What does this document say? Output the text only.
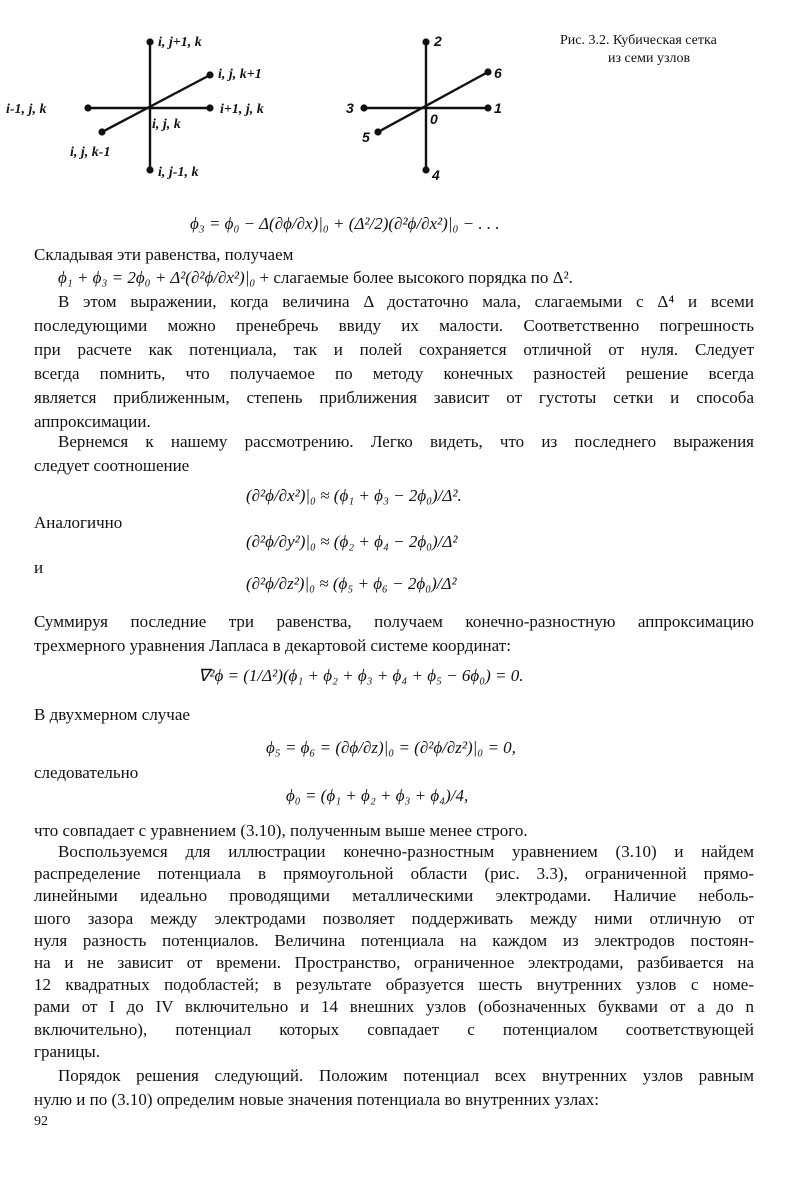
i, j+1, k
i, j, k+1
i-1, j, k	i+1, j, k
i, j, k
i, j, k-1
i, j-1, k
2
6
3	1
0
5
4
Рис. 3.2. Кубическая сетка
из семи узлов
ϕ₃ = ϕ₀ − Δ(∂ϕ/∂x)|₀ + (Δ²/2)(∂²ϕ/∂x²)|₀ − . . .
Складывая эти равенства, получаем
ϕ₁ + ϕ₃ = 2ϕ₀ + Δ²(∂²ϕ/∂x²)|₀ + слагаемые более высокого порядка по Δ².
В этом выражении, когда величина Δ достаточно мала, слагаемыми с Δ⁴ и всеми
последующими можно пренебречь ввиду их малости. Соответственно погрешность
при расчете как потенциала, так и полей сохраняется отличной от нуля. Следует
всегда помнить, что получаемое по методу конечных разностей решение всегда
является приближенным, степень приближения зависит от густоты сетки и способа
аппроксимации.
Вернемся к нашему рассмотрению. Легко видеть, что из последнего выражения
следует соотношение
(∂²ϕ/∂x²)|₀ ≈ (ϕ₁ + ϕ₃ − 2ϕ₀)/Δ².
Аналогично
(∂²ϕ/∂y²)|₀ ≈ (ϕ₂ + ϕ₄ − 2ϕ₀)/Δ²
и
(∂²ϕ/∂z²)|₀ ≈ (ϕ₅ + ϕ₆ − 2ϕ₀)/Δ²
Суммируя последние три равенства, получаем конечно-разностную аппроксимацию
трехмерного уравнения Лапласа в декартовой системе координат:
∇²ϕ = (1/Δ²)(ϕ₁ + ϕ₂ + ϕ₃ + ϕ₄ + ϕ₅ − 6ϕ₀) = 0.
В двухмерном случае
ϕ₅ = ϕ₆ = (∂ϕ/∂z)|₀ = (∂²ϕ/∂z²)|₀ = 0,
следовательно
ϕ₀ = (ϕ₁ + ϕ₂ + ϕ₃ + ϕ₄)/4,
что совпадает с уравнением (3.10), полученным выше менее строго.
Воспользуемся для иллюстрации конечно-разностным уравнением (3.10) и найдем
распределение потенциала в прямоугольной области (рис. 3.3), ограниченной прямо-
линейными идеально проводящими металлическими электродами. Наличие неболь-
шого зазора между электродами позволяет поддерживать между ними отличную от
нуля разность потенциалов. Величина потенциала на каждом из электродов постоян-
на и не зависит от времени. Пространство, ограниченное электродами, разбивается на
12 квадратных подобластей; в результате образуется шесть внутренних узлов с номе-
рами от I до IV включительно и 14 внешних узлов (обозначенных буквами от a до n
включительно), потенциал которых совпадает с потенциалом соответствующей
границы.
Порядок решения следующий. Положим потенциал всех внутренних узлов равным
нулю и по (3.10) определим новые значения потенциала во внутренних узлах:
92
